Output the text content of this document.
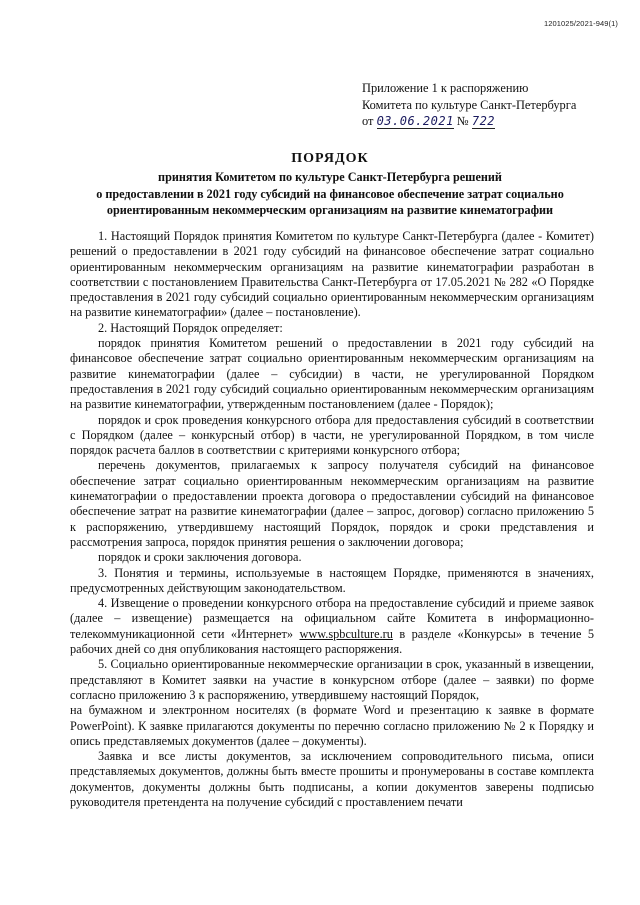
1201025/2021-949(1)
Приложение 1 к распоряжению
Комитета по культуре Санкт-Петербурга
от 03.06.2021 № 722
ПОРЯДОК
принятия Комитетом по культуре Санкт-Петербурга решений
о предоставлении в 2021 году субсидий на финансовое обеспечение затрат социально
ориентированным некоммерческим организациям на развитие кинематографии

1. Настоящий Порядок принятия Комитетом по культуре Санкт-Петербурга (далее - Комитет) решений о предоставлении в 2021 году субсидий на финансовое обеспечение затрат социально ориентированным некоммерческим организациям на развитие кинематографии разработан в соответствии с постановлением Правительства Санкт-Петербурга от 17.05.2021 № 282 «О Порядке предоставления в 2021 году субсидий социально ориентированным некоммерческим организациям на развитие кинематографии» (далее – постановление).

2. Настоящий Порядок определяет:

порядок принятия Комитетом решений о предоставлении в 2021 году субсидий на финансовое обеспечение затрат социально ориентированным некоммерческим организациям на развитие кинематографии (далее – субсидии) в части, не урегулированной Порядком предоставления в 2021 году субсидий социально ориентированным некоммерческим организациям на развитие кинематографии, утвержденным постановлением (далее - Порядок);

порядок и срок проведения конкурсного отбора для предоставления субсидий в соответствии с Порядком (далее – конкурсный отбор) в части, не урегулированной Порядком, в том числе порядок расчета баллов в соответствии с критериями конкурсного отбора;

перечень документов, прилагаемых к запросу получателя субсидий на финансовое обеспечение затрат социально ориентированным некоммерческим организациям на развитие кинематографии о предоставлении проекта договора о предоставлении субсидий на финансовое обеспечение затрат на развитие кинематографии (далее – запрос, договор) согласно приложению 5 к распоряжению, утвердившему настоящий Порядок, порядок и сроки представления и рассмотрения запроса, порядок принятия решения о заключении договора;

порядок и сроки заключения договора.

3. Понятия и термины, используемые в настоящем Порядке, применяются в значениях, предусмотренных действующим законодательством.

4. Извещение о проведении конкурсного отбора на предоставление субсидий и приеме заявок (далее – извещение) размещается на официальном сайте Комитета в информационно-телекоммуникационной сети «Интернет» www.spbculture.ru в разделе «Конкурсы» в течение 5 рабочих дней со дня опубликования настоящего распоряжения.

5. Социально ориентированные некоммерческие организации в срок, указанный в извещении, представляют в Комитет заявки на участие в конкурсном отборе (далее – заявки) по форме согласно приложению 3 к распоряжению, утвердившему настоящий Порядок,

на бумажном и электронном носителях (в формате Word и презентацию к заявке в формате PowerPoint). К заявке прилагаются документы по перечню согласно приложению № 2 к Порядку и опись представляемых документов (далее – документы).

Заявка и все листы документов, за исключением сопроводительного письма, описи представляемых документов, должны быть вместе прошиты и пронумерованы в составе комплекта документов, документы должны быть подписаны, а копии документов заверены подписью руководителя претендента на получение субсидий с проставлением печати
